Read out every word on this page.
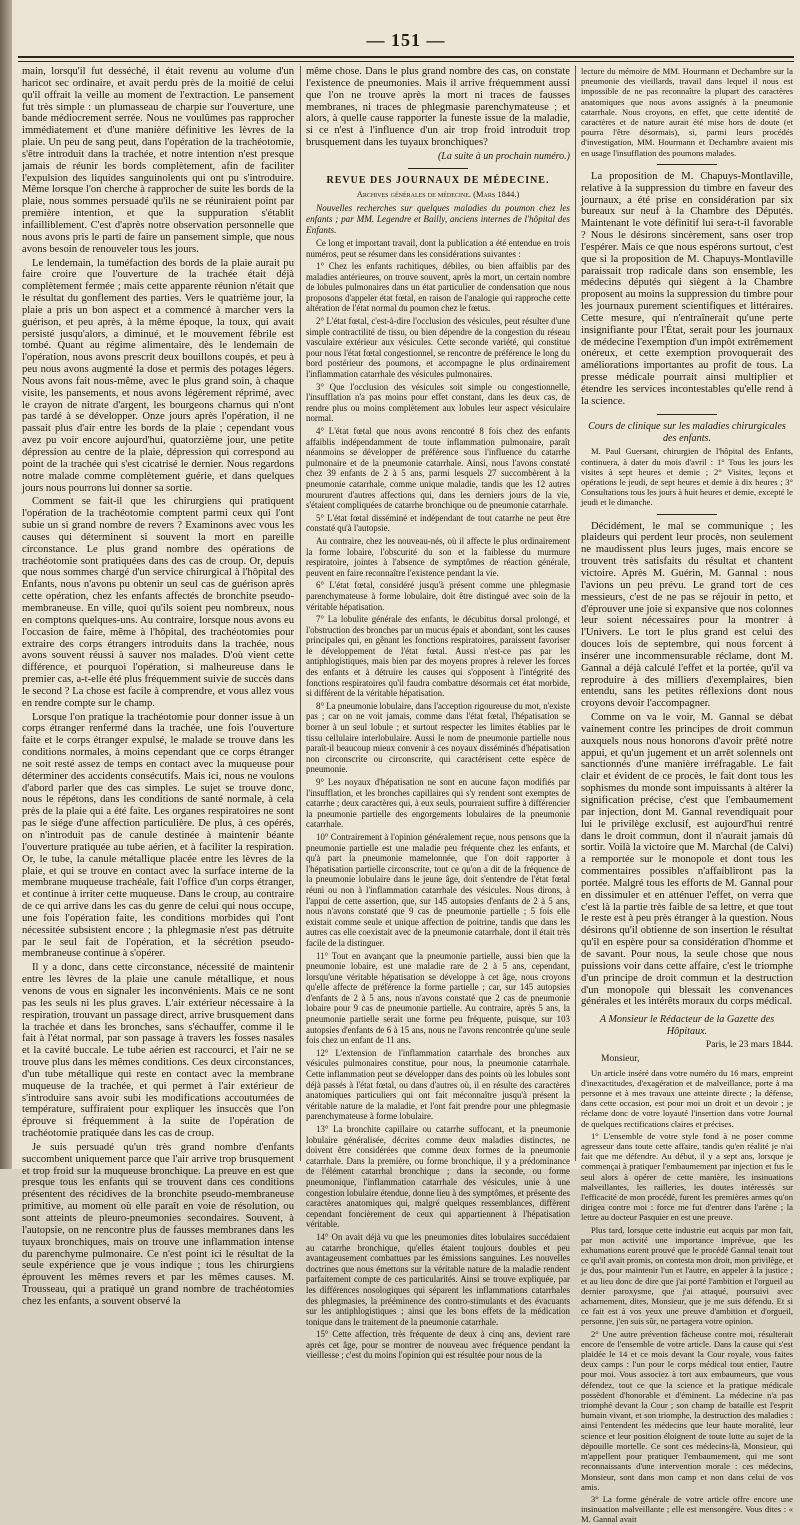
— 151 —

main, lorsqu'il fut desséché, il était revenu au volume d'un haricot sec ordinaire, et avait perdu près de la moitié de celui qu'il offrait la veille au moment de l'extraction. Le pansement fut très simple : un plumasseau de charpie sur l'ouverture, une bande médiocrement serrée. Nous ne voulûmes pas rapprocher immédiatement et d'une manière définitive les lèvres de la plaie. Un peu de sang peut, dans l'opération de la trachéotomie, s'être introduit dans la trachée, et notre intention n'est presque jamais de réunir les bords complètement, afin de faciliter l'expulsion des liquides sanguinolents qui ont pu s'introduire. Même lorsque l'on cherche à rapprocher de suite les bords de la plaie, nous sommes persuadé qu'ils ne se réuniraient point par première intention, et que la suppuration s'établit infailliblement. C'est d'après notre observation personnelle que nous avons pris le parti de faire un pansement simple, que nous avons besoin de renouveler tous les jours.

Le lendemain, la tuméfaction des bords de la plaie aurait pu faire croire que l'ouverture de la trachée était déjà complètement fermée ; mais cette apparente réunion n'était que le résultat du gonflement des parties. Vers le quatrième jour, la plaie a pris un bon aspect et a commencé à marcher vers la guérison, et peu après, à la même époque, la toux, qui avait persisté jusqu'alors, a diminué, et le mouvement fébrile est tombé. Quant au régime alimentaire, dès le lendemain de l'opération, nous avons prescrit deux bouillons coupés, et peu à peu nous avons augmenté la dose et permis des potages légers. Nous avons fait nous-même, avec le plus grand soin, à chaque visite, les pansements, et nous avons légèrement réprimé, avec le crayon de nitrate d'argent, les bourgeons charnus qui n'ont pas tardé à se développer. Onze jours après l'opération, il ne passait plus d'air entre les bords de la plaie ; cependant vous avez pu voir encore aujourd'hui, quatorzième jour, une petite dépression au centre de la plaie, dépression qui correspond au point de la trachée qui s'est cicatrisé le dernier. Nous regardons notre malade comme complètement guérie, et dans quelques jours nous pourrons lui donner sa sortie.

Comment se fait-il que les chirurgiens qui pratiquent l'opération de la trachéotomie comptent parmi ceux qui l'ont subie un si grand nombre de revers ? Examinons avec vous les causes qui déterminent si souvent la mort en pareille circonstance. Le plus grand nombre des opérations de trachéotomie sont pratiquées dans des cas de croup. Or, depuis que nous sommes chargé d'un service chirurgical à l'hôpital des Enfants, nous n'avons pu obtenir un seul cas de guérison après cette opération, chez les enfants affectés de bronchite pseudo-membraneuse. En ville, quoi qu'ils soient peu nombreux, nous en comptons quelques-uns. Au contraire, lorsque nous avons eu l'occasion de faire, même à l'hôpital, des trachéotomies pour extraire des corps étrangers introduits dans la trachée, nous avons souvent réussi à sauver nos malades. D'où vient cette différence, et pourquoi l'opération, si malheureuse dans le premier cas, a-t-elle été plus fréquemment suivie de succès dans le second ? La chose est facile à comprendre, et vous allez vous en rendre compte sur le champ.

Lorsque l'on pratique la trachéotomie pour donner issue à un corps étranger renfermé dans la trachée, une fois l'ouverture faite et le corps étranger expulsé, le malade se trouve dans les conditions normales, à moins cependant que ce corps étranger ne soit resté assez de temps en contact avec la muqueuse pour déterminer des accidents consécutifs. Mais ici, nous ne voulons d'abord parler que des cas simples. Le sujet se trouve donc, nous le répétons, dans les conditions de santé normale, à cela près de la plaie qui a été faite. Les organes respiratoires ne sont pas le siége d'une affection particulière. De plus, à ces opérés, on n'introduit pas de canule destinée à maintenir béante l'ouverture pratiquée au tube aérien, et à faciliter la respiration. Or, le tube, la canule métallique placée entre les lèvres de la plaie, et qui se trouve en contact avec la surface interne de la membrane muqueuse trachéale, fait l'office d'un corps étranger, et continue à irriter cette muqueuse. Dans le croup, au contraire de ce qui arrive dans les cas du genre de celui qui nous occupe, une fois l'opération faite, les conditions morbides qui l'ont nécessitée subsistent encore ; la phlegmasie n'est pas détruite par le seul fait de l'opération, et la sécrétion pseudo-membraneuse continue à s'opérer.

Il y a donc, dans cette circonstance, nécessité de maintenir entre les lèvres de la plaie une canule métallique, et nous venons de vous en signaler les inconvénients. Mais ce ne sont pas les seuls ni les plus graves. L'air extérieur nécessaire à la respiration, trouvant un passage direct, arrive brusquement dans la trachée et dans les bronches, sans s'échauffer, comme il le fait à l'état normal, par son passage à travers les fosses nasales et la cavité buccale. Le tube aérien est raccourci, et l'air ne se trouve plus dans les mêmes conditions. Ces deux circonstances, d'un tube métallique qui reste en contact avec la membrane muqueuse de la trachée, et qui permet à l'air extérieur de s'introduire sans avoir subi les modifications accoutumées de température, suffiraient pour expliquer les insuccès que l'on éprouve si fréquemment à la suite de l'opération de trachéotomie pratiquée dans les cas de croup.

Je suis persuadé qu'un très grand nombre d'enfants succombent uniquement parce que l'air arrive trop brusquement et trop froid sur la muqueuse bronchique. La preuve en est que presque tous les enfants qui se trouvent dans ces conditions présentent des récidives de la bronchite pseudo-membraneuse primitive, au moment où elle paraît en voie de résolution, ou sont atteints de pleuro-pneumonies secondaires. Souvent, à l'autopsie, on ne rencontre plus de fausses membranes dans les tuyaux bronchiques, mais on trouve une inflammation intense du parenchyme pulmonaire. Ce n'est point ici le résultat de la seule expérience que je vous indique ; tous les chirurgiens éprouvent les mêmes revers et par les mêmes causes. M. Trousseau, qui a pratiqué un grand nombre de trachéotomies chez les enfants, a souvent observé la

même chose. Dans le plus grand nombre des cas, on constate l'existence de pneumonies. Mais il arrive fréquemment aussi que l'on ne trouve après la mort ni traces de fausses membranes, ni traces de phlegmasie parenchymateuse ; et alors, à quelle cause rapporter la funeste issue de la maladie, si ce n'est à l'influence d'un air trop froid introduit trop brusquement dans les tuyaux bronchiques?

(La suite à un prochain numéro.)
REVUE DES JOURNAUX DE MÉDECINE.
Archives générales de médecine. (Mars 1844.)

Nouvelles recherches sur quelques maladies du poumon chez les enfants ; par MM. Legendre et Bailly, anciens internes de l'hôpital des Enfants.

Ce long et important travail, dont la publication a été entendue en trois numéros, peut se résumer dans les considérations suivantes :

1° Chez les enfants rachitiques, débiles, ou bien affaiblis par des maladies antérieures, on trouve souvent, après la mort, un certain nombre de lobules pulmonaires dans un état particulier de condensation que nous proposons d'appeler état fœtal, en raison de l'analogie qui rapproche cette altération de l'état normal du poumon chez le fœtus.

2° L'état fœtal, c'est-à-dire l'occlusion des vésicules, peut résulter d'une simple contractilité de tissu, ou bien dépendre de la congestion du réseau vasculaire extérieur aux vésicules. Cette seconde variété, qui constitue pour nous l'état fœtal congestionnel, se rencontre de préférence le long du bord postérieur des poumons, et accompagne le plus ordinairement l'inflammation catarrhale des vésicules pulmonaires.

3° Que l'occlusion des vésicules soit simple ou congestionnelle, l'insufflation n'a pas moins pour effet constant, dans les deux cas, de rendre plus ou moins complètement aux lobules leur aspect vésiculaire normal.

4° L'état fœtal que nous avons rencontré 8 fois chez des enfants affaiblis indépendamment de toute inflammation pulmonaire, paraît néanmoins se développer de préférence sous l'influence du catarrhe pulmonaire et de la pneumonie catarrhale. Ainsi, nous l'avons constaté chez 39 enfants de 2 à 5 ans, parmi lesquels 27 succombèrent à la pneumonie catarrhale, comme unique maladie, tandis que les 12 autres moururent d'autres affections qui, dans les derniers jours de la vie, s'étaient compliquées de catarrhe bronchique ou de pneumonie catarrhale.

5° L'état fœtal disséminé et indépendant de tout catarrhe ne peut être constaté qu'à l'autopsie.

Au contraire, chez les nouveau-nés, où il affecte le plus ordinairement la forme lobaire, l'obscurité du son et la faiblesse du murmure respiratoire, jointes à l'absence de symptômes de réaction générale, peuvent en faire reconnaître l'existence pendant la vie.

6° L'état fœtal, considéré jusqu'à présent comme une phlegmasie parenchymateuse à forme lobulaire, doit être distingué avec soin de la véritable hépatisation.

7° La lobulite générale des enfants, le décubitus dorsal prolongé, et l'obstruction des bronches par un mucus épais et abondant, sont les causes principales qui, en gênant les fonctions respiratoires, paraissent favoriser le développement de l'état fœtal. Aussi n'est-ce pas par les antiphlogistiques, mais bien par des moyens propres à relever les forces des enfants et à détruire les causes qui s'opposent à l'intégrité des fonctions respiratoires qu'il faudra combattre désormais cet état morbide, si différent de la véritable hépatisation.

8° La pneumonie lobulaire, dans l'acception rigoureuse du mot, n'existe pas ; car on ne voit jamais, comme dans l'état fœtal, l'hépatisation se borner à un seul lobule ; et surtout respecter les limites établies par le tissu cellulaire interlobulaire. Aussi le nom de pneumonie partielle nous paraît-il beaucoup mieux convenir à ces noyaux disséminés d'hépatisation non circonscrite ou circonscrite, qui caractérisent cette espèce de pneumonie.

9° Les noyaux d'hépatisation ne sont en aucune façon modifiés par l'insufflation, et les bronches capillaires qui s'y rendent sont exemptes de catarrhe ; deux caractères qui, à eux seuls, pourraient suffire à différencier la pneumonie partielle des engorgements lobulaires de la pneumonie catarrhale.

10° Contrairement à l'opinion généralement reçue, nous pensons que la pneumonie partielle est une maladie peu fréquente chez les enfants, et qu'à part la pneumonie mamelonnée, que l'on doit rapporter à l'hépatisation partielle circonscrite, tout ce qu'on a dit de la fréquence de la pneumonie lobulaire dans le jeune âge, doit s'entendre de l'état fœtal réuni ou non à l'inflammation catarrhale des vésicules. Nous dirons, à l'appui de cette assertion, que, sur 145 autopsies d'enfants de 2 à 5 ans, nous n'avons constaté que 9 cas de pneumonie partielle ; 5 fois elle existait comme seule et unique affection de poitrine, tandis que dans les autres cas elle coexistait avec de la pneumonie catarrhale, dont il était très facile de la distinguer.

11° Tout en avançant que la pneumonie partielle, aussi bien que la pneumonie lobaire, est une maladie rare de 2 à 5 ans, cependant, lorsqu'une véritable hépatisation se développe à cet âge, nous croyons qu'elle affecte de préférence la forme partielle ; car, sur 145 autopsies d'enfants de 2 à 5 ans, nous n'avons constaté que 2 cas de pneumonie lobaire pour 9 cas de pneumonie partielle. Au contraire, après 5 ans, la pneumonie partielle serait une forme peu fréquente, puisque, sur 103 autopsies d'enfants de 6 à 15 ans, nous ne l'avons rencontrée qu'une seule fois chez un enfant de 11 ans.

12° L'extension de l'inflammation catarrhale des bronches aux vésicules pulmonaires constitue, pour nous, la pneumonie catarrhale. Cette inflammation peut se développer dans des points où les lobules sont déjà passés à l'état fœtal, ou dans d'autres où, il en résulte des caractères anatomiques particuliers qui ont fait méconnaître jusqu'à présent la véritable nature de la maladie, et l'ont fait prendre pour une phlegmasie parenchymateuse à forme lobulaire.

13° La bronchite capillaire ou catarrhe suffocant, et la pneumonie lobulaire généralisée, décrites comme deux maladies distinctes, ne doivent être considérées que comme deux formes de la pneumonie catarrhale. Dans la première, ou forme bronchique, il y a prédominance de l'élément catarrhal bronchique ; dans la seconde, ou forme pneumonique, l'inflammation catarrhale des vésicules, unie à une congestion lobulaire étendue, donne lieu à des symptômes, et présente des caractères anatomiques qui, malgré quelques ressemblances, diffèrent cependant foncièrement de ceux qui appartiennent à l'hépatisation véritable.

14° On avait déjà vu que les pneumonies dites lobulaires succédaient au catarrhe bronchique, qu'elles étaient toujours doubles et peu avantageusement combattues par les émissions sanguines. Les nouvelles doctrines que nous émettons sur la véritable nature de la maladie rendent parfaitement compte de ces particularités. Ainsi se trouve expliquée, par les différences nosologiques qui séparent les inflammations catarrhales des phlegmasies, la prééminence des contro-stimulants et des évacuants sur les antiphlogistiques ; ainsi que les bons effets de la médication tonique dans le traitement de la pneumonie catarrhale.

15° Cette affection, très fréquente de deux à cinq ans, devient rare après cet âge, pour se montrer de nouveau avec fréquence pendant la vieillesse ; c'est du moins l'opinion qui est résultée pour nous de la

lecture du mémoire de MM. Hourmann et Dechambre sur la pneumonie des vieillards, travail dans lequel il nous est impossible de ne pas reconnaître la plupart des caractères anatomiques que nous avons assignés à la pneumonie catarrhale. Nous croyons, en effet, que cette identité de caractères et de nature aurait été mise hors de doute (et pourra l'être désormais), si, parmi leurs procédés d'investigation, MM. Hourmann et Dechambre avaient mis en usage l'insufflation des poumons malades.

La proposition de M. Chapuys-Montlaville, relative à la suppression du timbre en faveur des journaux, a été prise en considération par six bureaux sur neuf à la Chambre des Députés. Maintenant le vote définitif lui sera-t-il favorable ? Nous le désirons sincèrement, sans oser trop l'espérer. Mais ce que nous espérons surtout, c'est que si la proposition de M. Chapuys-Montlaville paraissait trop radicale dans son ensemble, les médecins députés qui siègent à la Chambre proposent au moins la suppression du timbre pour les journaux purement scientifiques et littéraires. Cette mesure, qui n'entraînerait qu'une perte insignifiante pour l'État, serait pour les journaux de médecine l'exemption d'un impôt extrêmement onéreux, et cette exemption provoquerait des améliorations importantes au profit de tous. La presse médicale pourrait ainsi multiplier et étendre les services incontestables qu'elle rend à la science.

Cours de clinique sur les maladies chirurgicales des enfants.

M. Paul Guersant, chirurgien de l'hôpital des Enfants, continuera, à dater du mois d'avril : 1° Tous les jours les visites à sept heures et demie ; 2° Visites, leçons et opérations le jeudi, de sept heures et demie à dix heures ; 3° Consultations tous les jours à huit heures et demie, excepté le jeudi et le dimanche.

Décidément, le mal se communique ; les plaideurs qui perdent leur procès, non seulement ne maudissent plus leurs juges, mais encore se trouvent très satisfaits du résultat et chantent victoire. Après M. Guérin, M. Gannal : nous l'avions un peu prévu. Le grand tort de ces messieurs, c'est de ne pas se réjouir in petto, et d'éprouver une joie si expansive que nos colonnes leur soient nécessaires pour la montrer à l'Univers. Le tort le plus grand est celui des douces lois de septembre, qui nous forcent à insérer une incommensurable réclame, dont M. Gannal a déjà calculé l'effet et la portée, qu'il va reproduire à des milliers d'exemplaires, bien entendu, sans les petites réflexions dont nous croyons devoir l'accompagner.

Comme on va le voir, M. Gannal se débat vainement contre les principes de droit commun auxquels nous nous honorons d'avoir prêté notre appui, et qu'un jugement et un arrêt solennels ont sanctionnés d'une manière irréfragable. Le fait clair et évident de ce procès, le fait dont tous les sophismes du monde sont impuissants à altérer la signification précise, c'est que l'embaumement par injection, dont M. Gannal revendiquait pour lui le privilège exclusif, est aujourd'hui rentré dans le droit commun, dont il n'aurait jamais dû sortir. Voilà la victoire que M. Marchal (de Calvi) a remportée sur le monopole et dont tous les commentaires possibles n'affaibliront pas la portée. Malgré tous les efforts de M. Gannal pour en dissimuler et en atténuer l'effet, on verra que c'est là la partie très faible de sa lettre, et que tout le reste est à peu près étranger à la question. Nous désirons qu'il obtienne de son insertion le résultat qu'il en espère pour sa considération d'homme et de savant. Pour nous, la seule chose que nous puissions voir dans cette affaire, c'est le triomphe d'un principe de droit commun et la destruction d'un monopole qui blessait les convenances générales et les intérêts moraux du corps médical.

A Monsieur le Rédacteur de la Gazette des Hôpitaux.

Paris, le 23 mars 1844.

Monsieur,

Un article inséré dans votre numéro du 16 mars, empreint d'inexactitudes, d'exagération et de malveillance, porte à ma personne et à mes travaux une atteinte directe ; la défense, dans cette occasion, est pour moi un droit et un devoir ; je réclame donc de votre loyauté l'insertion dans votre Journal de quelques rectifications claires et précises.

1° L'ensemble de votre style fond à ne poser comme agresseur dans toute cette affaire, tandis qu'en réalité je n'ai fait que me défendre. Au début, il y a sept ans, lorsque je commençai à pratiquer l'embaumement par injection et fus le seul alors à opérer de cette manière, les insinuations malveillantes, les railleries, les doutes intéressés sur l'efficacité de mon procédé, furent les premières armes qu'on dirigea contre moi : force me fut d'entrer dans l'arène ; la lettre au docteur Pasquier en est une preuve.

Plus tard, lorsque cette industrie eut acquis par mon fait, par mon activité une importance imprévue, que les exhumations eurent prouvé que le procédé Gannal tenait tout ce qu'il avait promis, on contesta mon droit, mon privilège, et je dus, pour maintenir l'un et l'autre, en appeler à la justice ; et au lieu donc de dire que j'ai porté l'ambition et l'orgueil au dernier paroxysme, que j'ai attaqué, poursuivi avec acharnement, dites, Monsieur, que je me suis défendu. Et si ce fait est à vos yeux une preuve d'ambition et d'orgueil, personne, j'en suis sûr, ne partagera votre opinion.

2° Une autre prévention fâcheuse contre moi, résulterait encore de l'ensemble de votre article. Dans la cause qui s'est plaidée le 14 et ce mois devant la Cour royale, vous faites deux camps : l'un pour le corps médical tout entier, l'autre pour moi. Vous associez à tort aux embaumeurs, que vous défendez, tout ce que la science et la pratique médicale possèdent d'honorable et d'éminent. La médecine n'a pas triomphé devant la Cour ; son champ de bataille est l'esprit humain vivant, et son triomphe, la destruction des maladies : ainsi l'entendent les médecins que leur haute moralité, leur science et leur position éloignent de toute lutte au sujet de la dépouille mortelle. Ce sont ces médecins-là, Monsieur, qui m'appellent pour pratiquer l'embaumement, qui me sont reconnaissants d'une intervention morale : ces médecins, Monsieur, sont dans mon camp et non dans celui de vos amis.

3° La forme générale de votre article offre encore une insinuation malveillante ; elle est mensongère. Vous dites : « M. Gannal avait
